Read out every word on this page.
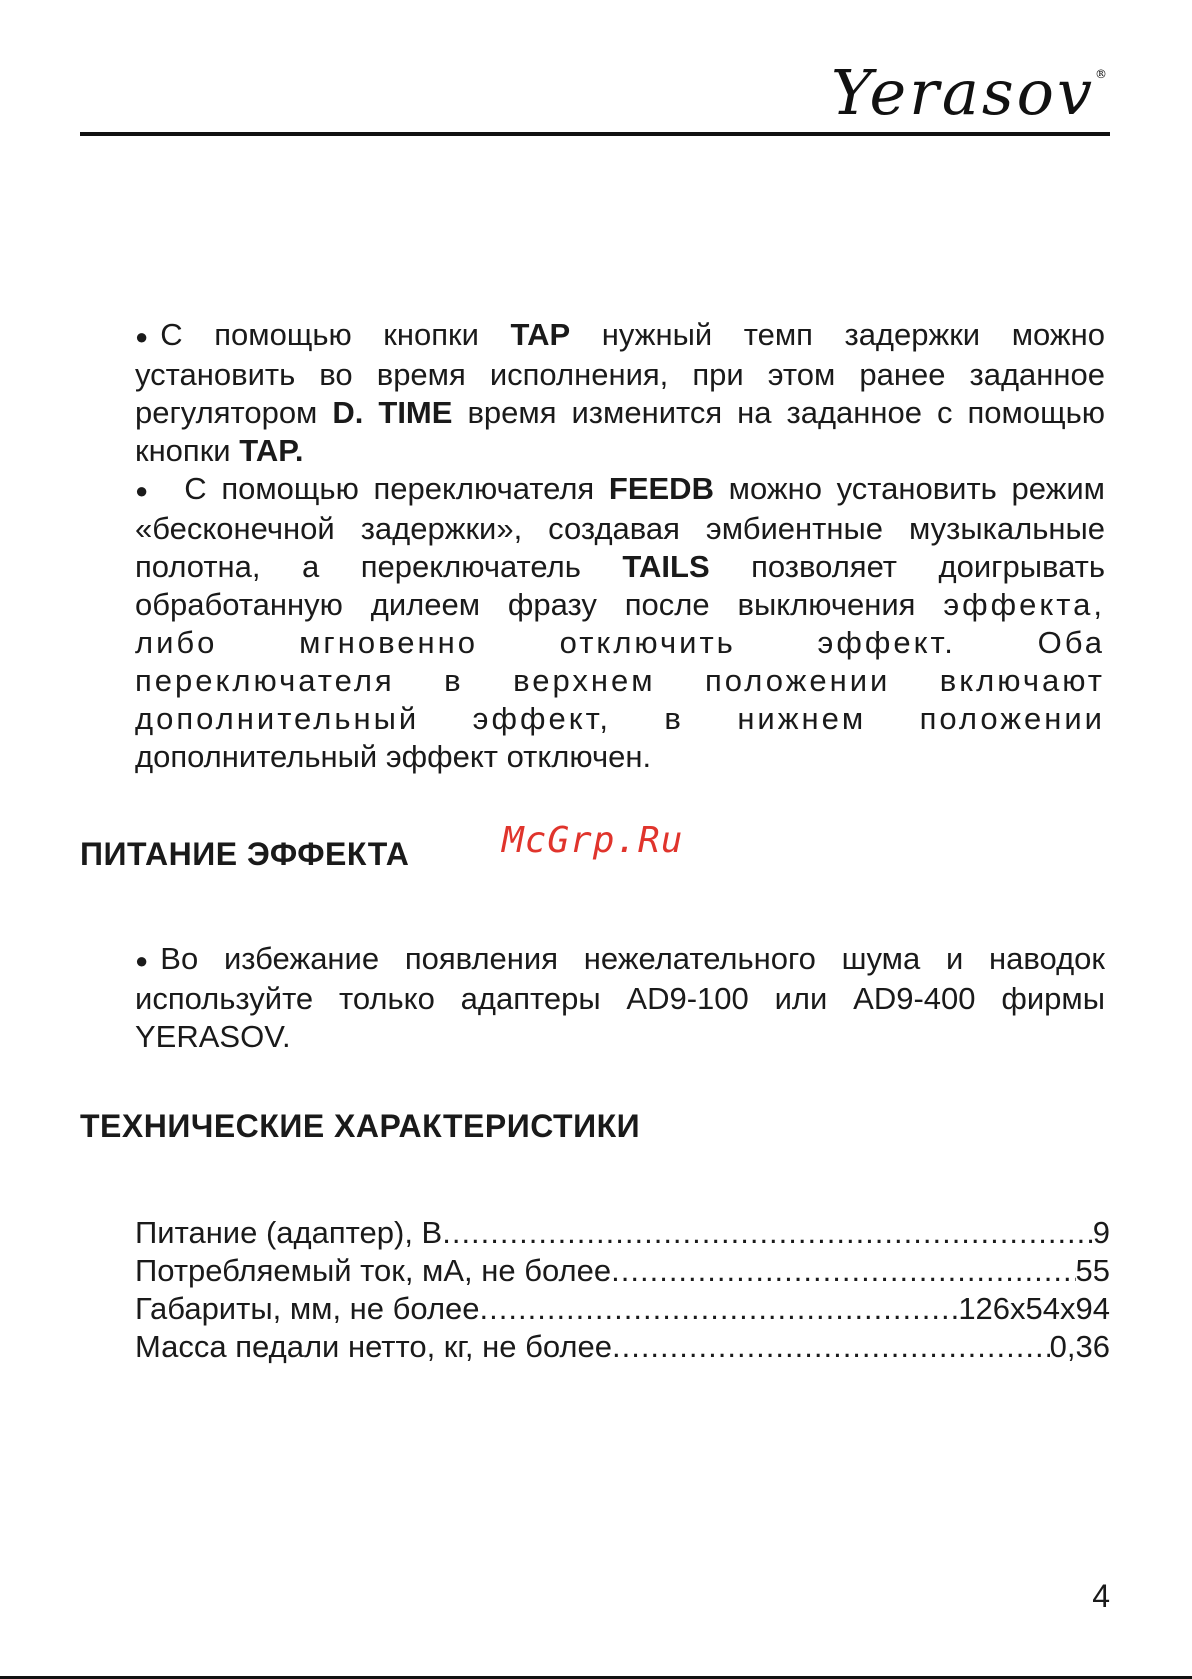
Yerasov®

● С помощью кнопки TAP нужный темп задержки можно установить во время исполнения, при этом ранее заданное регулятором D. TIME время изменится на заданное с помощью кнопки TAP.

● С помощью переключателя FEEDB можно установить режим «бесконечной задержки», создавая эмбиентные музыкальные полотна, а переключатель TAILS позволяет доигрывать обработанную дилеем фразу после выключения эффекта, либо мгновенно отключить эффект. Оба переключателя в верхнем положении включают дополнительный эффект, в нижнем положении дополнительный эффект отключен.

ПИТАНИЕ ЭФФЕКТА	McGrp.Ru

● Во избежание появления нежелательного шума и наводок используйте только адаптеры AD9-100 или AD9-400 фирмы YERASOV.

ТЕХНИЧЕСКИЕ ХАРАКТЕРИСТИКИ
Питание (адаптер), В .....	9
Потребляемый ток, мА, не более .....	55
Габариты, мм, не более .....	126х54х94
Масса педали нетто, кг, не более .....	0,36
4
